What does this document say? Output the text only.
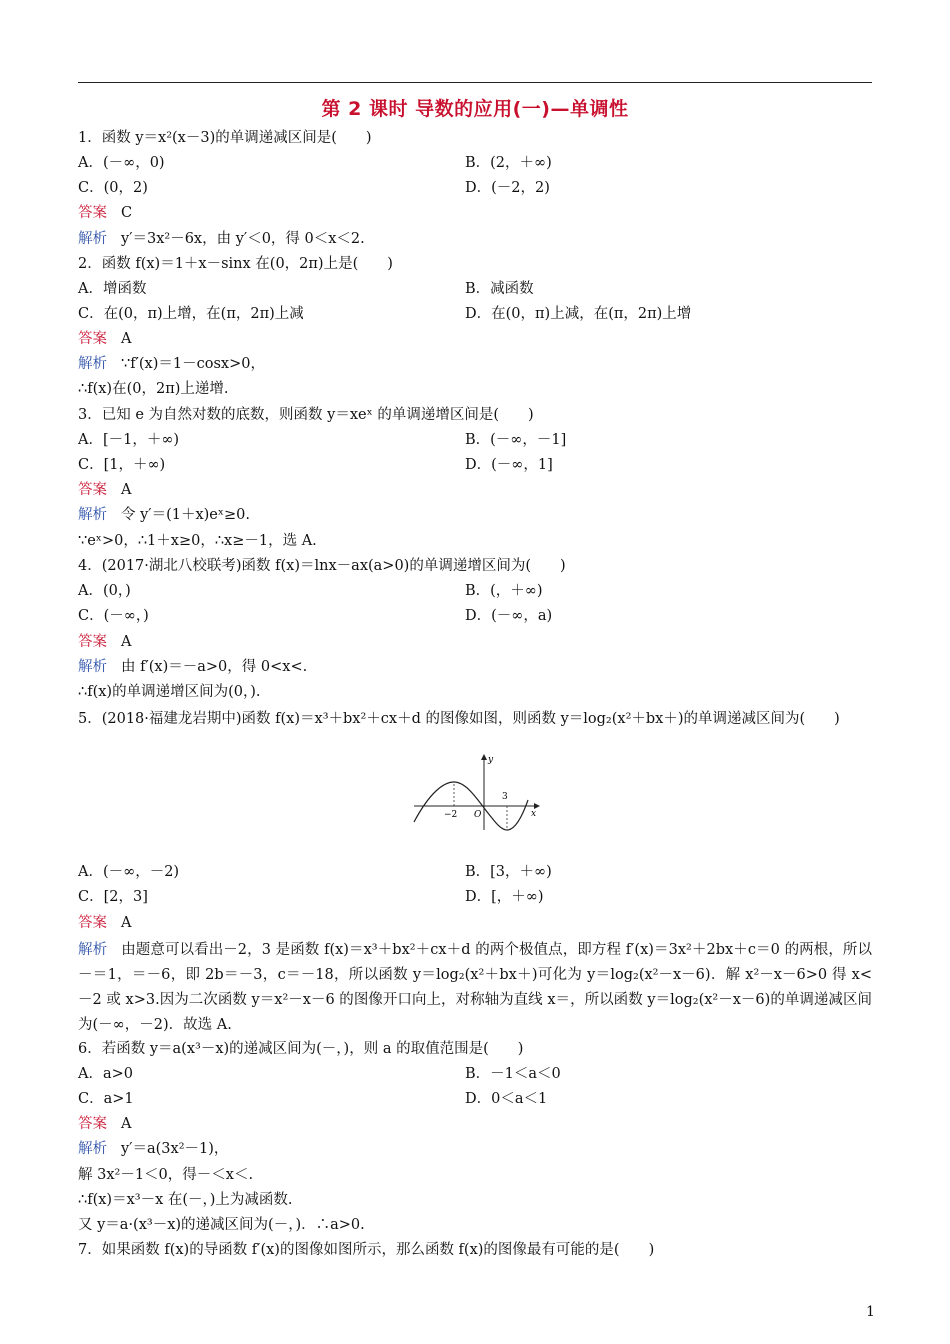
第 2 课时 导数的应用(一)—单调性
1．函数 y＝x²(x－3)的单调递减区间是(　　)
A．(－∞，0)	B．(2，＋∞)
C．(0，2)	D．(－2，2)
答案 C
解析 y′＝3x²－6x，由 y′＜0，得 0＜x＜2.
2．函数 f(x)＝1＋x－sinx 在(0，2π)上是(　　)
A．增函数	B．减函数
C．在(0，π)上增，在(π，2π)上减	D．在(0，π)上减，在(π，2π)上增
答案 A
解析 ∵f′(x)＝1－cosx>0，
∴f(x)在(0，2π)上递增.
3．已知 e 为自然对数的底数，则函数 y＝xeˣ 的单调递增区间是(　　)
A．[－1，＋∞)	B．(－∞，－1]
C．[1，＋∞)	D．(－∞，1]
答案 A
解析 令 y′＝(1＋x)eˣ≥0.
∵eˣ>0，∴1＋x≥0，∴x≥－1，选 A.
4．(2017·湖北八校联考)函数 f(x)＝lnx－ax(a>0)的单调递增区间为(　　)
A．(0，)	B．(，＋∞)
C．(－∞，)	D．(－∞，a)
答案 A
解析 由 f′(x)＝－a>0，得 0<x<.
∴f(x)的单调递增区间为(0，).
5．(2018·福建龙岩期中)函数 f(x)＝x³＋bx²＋cx＋d 的图像如图，则函数 y＝log₂(x²＋bx＋)的单调递减区间为(　　)
y
x
O
−2
3
A．(－∞，－2)	B．[3，＋∞)
C．[2，3]	D．[，＋∞)
答案 A
解析 由题意可以看出－2，3 是函数 f(x)＝x³＋bx²＋cx＋d 的两个极值点，即方程 f′(x)＝3x²＋2bx＋c＝0 的两根，所以－＝1，＝－6，即 2b＝－3，c＝－18，所以函数 y＝log₂(x²＋bx＋)可化为 y＝log₂(x²－x－6)．解 x²－x－6>0 得 x<－2 或 x>3.因为二次函数 y＝x²－x－6 的图像开口向上，对称轴为直线 x＝，所以函数 y＝log₂(x²－x－6)的单调递减区间为(－∞，－2)．故选 A.
6．若函数 y＝a(x³－x)的递减区间为(－，)，则 a 的取值范围是(　　)
A．a>0	B．－1＜a＜0
C．a>1	D．0＜a＜1
答案 A
解析 y′＝a(3x²－1)，
解 3x²－1＜0，得－＜x＜.
∴f(x)＝x³－x 在(－，)上为减函数.
又 y＝a·(x³－x)的递减区间为(－，)．∴a>0.
7．如果函数 f(x)的导函数 f′(x)的图像如图所示，那么函数 f(x)的图像最有可能的是(　　)
1
